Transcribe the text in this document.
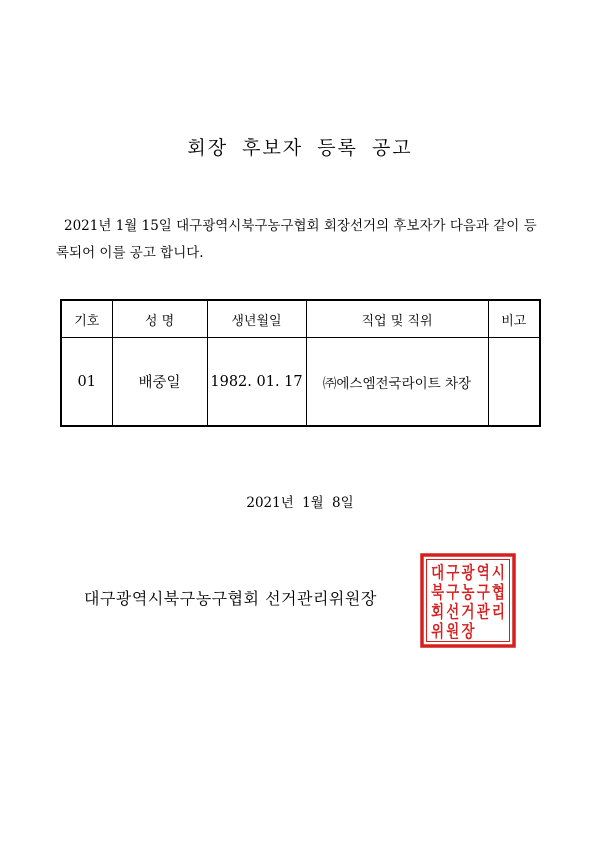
회장 후보자 등록 공고
2021년 1월 15일 대구광역시북구농구협회 회장선거의 후보자가 다음과 같이 등록되어 이를 공고 합니다.
기호	성 명	생년월일	직업 및 직위	비고
01	배중일	1982. 01. 17	㈜에스엠전국라이트 차장	
2021년 1월 8일
대구광역시북구농구협회 선거관리위원장
대
구 광
역
시
북
구 농 구 협
회
선
거
관
리
위
원
장
